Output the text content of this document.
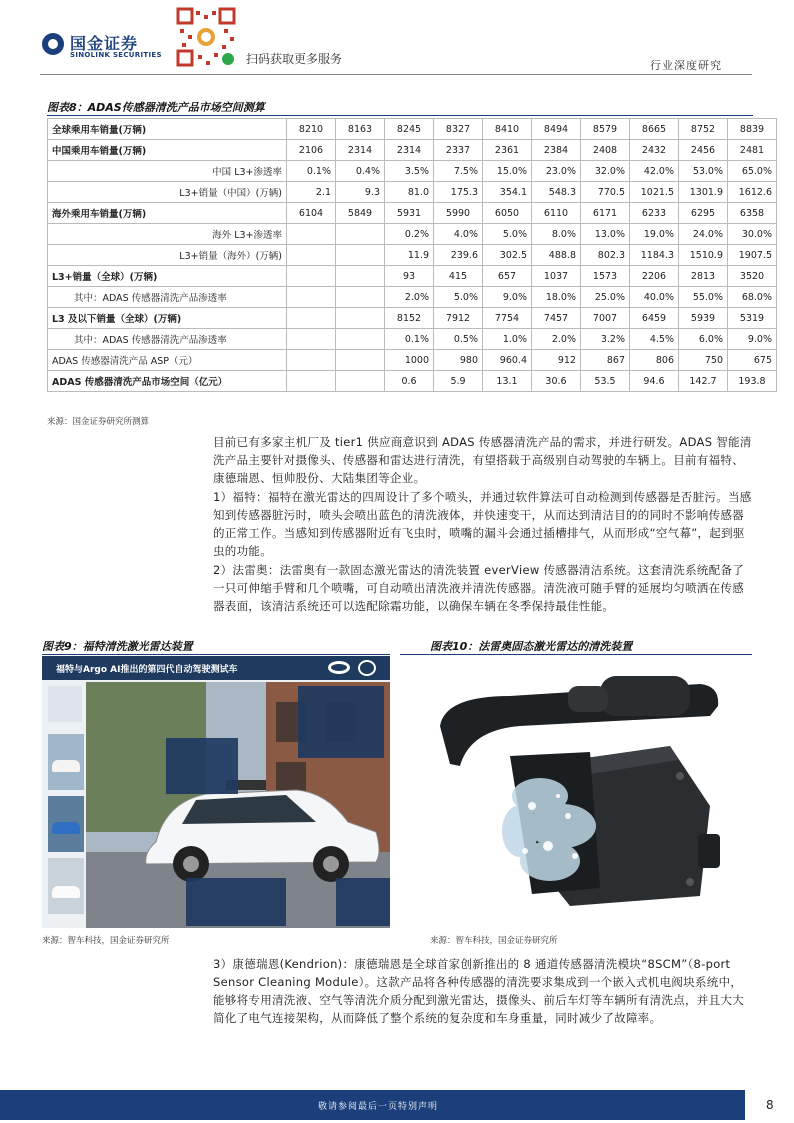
国金证券
SINOLINK SECURITIES	扫码获取更多服务	行业深度研究
图表8：ADAS传感器清洗产品市场空间测算
全球乘用车销量(万辆)	8210	8163	8245	8327	8410	8494	8579	8665	8752	8839
中国乘用车销量(万辆)	2106	2314	2314	2337	2361	2384	2408	2432	2456	2481
中国 L3+渗透率	0.1%	0.4%	3.5%	7.5%	15.0%	23.0%	32.0%	42.0%	53.0%	65.0%
L3+销量（中国）(万辆)	2.1	9.3	81.0	175.3	354.1	548.3	770.5	1021.5	1301.9	1612.6
海外乘用车销量(万辆)	6104	5849	5931	5990	6050	6110	6171	6233	6295	6358
海外 L3+渗透率			0.2%	4.0%	5.0%	8.0%	13.0%	19.0%	24.0%	30.0%
L3+销量（海外）(万辆)			11.9	239.6	302.5	488.8	802.3	1184.3	1510.9	1907.5
L3+销量（全球）(万辆)			93	415	657	1037	1573	2206	2813	3520
其中：ADAS 传感器清洗产品渗透率			2.0%	5.0%	9.0%	18.0%	25.0%	40.0%	55.0%	68.0%
L3 及以下销量（全球）(万辆)			8152	7912	7754	7457	7007	6459	5939	5319
其中：ADAS 传感器清洗产品渗透率			0.1%	0.5%	1.0%	2.0%	3.2%	4.5%	6.0%	9.0%
ADAS 传感器清洗产品 ASP（元）			1000	980	960.4	912	867	806	750	675
ADAS 传感器清洗产品市场空间（亿元）			0.6	5.9	13.1	30.6	53.5	94.6	142.7	193.8
来源：国金证券研究所测算
目前已有多家主机厂及 tier1 供应商意识到 ADAS 传感器清洗产品的需求，并进行研发。ADAS 智能清洗产品主要针对摄像头、传感器和雷达进行清洗，有望搭载于高级别自动驾驶的车辆上。目前有福特、康德瑞恩、恒帅股份、大陆集团等企业。
1）福特：福特在激光雷达的四周设计了多个喷头，并通过软件算法可自动检测到传感器是否脏污。当感知到传感器脏污时，喷头会喷出蓝色的清洗液体，并快速变干，从而达到清洁目的的同时不影响传感器的正常工作。当感知到传感器附近有飞虫时，喷嘴的漏斗会通过插槽排气，从而形成“空气幕”，起到驱虫的功能。
2）法雷奥：法雷奥有一款固态激光雷达的清洗装置 everView 传感器清洁系统。这套清洗系统配备了一只可伸缩手臂和几个喷嘴，可自动喷出清洗液并清洗传感器。清洗液可随手臂的延展均匀喷洒在传感器表面，该清洁系统还可以选配除霜功能，以确保车辆在冬季保持最佳性能。
图表9：福特清洗激光雷达装置	图表10：法雷奥固态激光雷达的清洗装置
福特与Argo AI推出的第四代自动驾驶测试车
来源：智车科技，国金证券研究所	来源：智车科技，国金证券研究所
3）康德瑞恩(Kendrion)：康德瑞恩是全球首家创新推出的 8 通道传感器清洗模块“8SCM”（8-port Sensor Cleaning Module）。这款产品将各种传感器的清洗要求集成到一个嵌入式机电阀块系统中，能够将专用清洗液、空气等清洗介质分配到激光雷达，摄像头、前后车灯等车辆所有清洗点，并且大大简化了电气连接架构，从而降低了整个系统的复杂度和车身重量，同时减少了故障率。
敬请参阅最后一页特别声明	8
